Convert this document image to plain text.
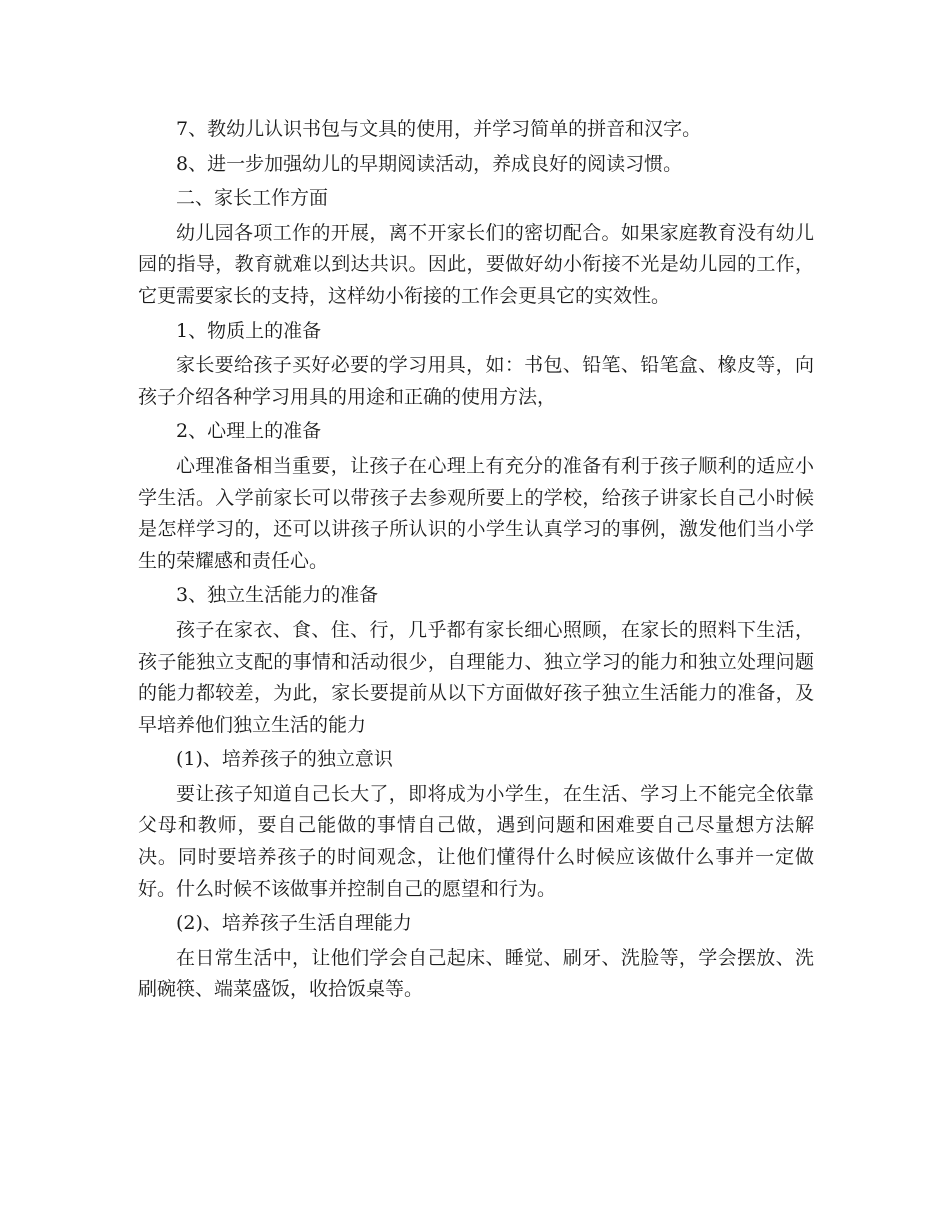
7、教幼儿认识书包与文具的使用，并学习简单的拼音和汉字。

8、进一步加强幼儿的早期阅读活动，养成良好的阅读习惯。

二、家长工作方面

幼儿园各项工作的开展，离不开家长们的密切配合。如果家庭教育没有幼儿园的指导，教育就难以到达共识。因此，要做好幼小衔接不光是幼儿园的工作，它更需要家长的支持，这样幼小衔接的工作会更具它的实效性。

1、物质上的准备

家长要给孩子买好必要的学习用具，如：书包、铅笔、铅笔盒、橡皮等，向孩子介绍各种学习用具的用途和正确的使用方法，

2、心理上的准备

心理准备相当重要，让孩子在心理上有充分的准备有利于孩子顺利的适应小学生活。入学前家长可以带孩子去参观所要上的学校，给孩子讲家长自己小时候是怎样学习的，还可以讲孩子所认识的小学生认真学习的事例，激发他们当小学生的荣耀感和责任心。

3、独立生活能力的准备

孩子在家衣、食、住、行，几乎都有家长细心照顾，在家长的照料下生活，孩子能独立支配的事情和活动很少，自理能力、独立学习的能力和独立处理问题的能力都较差，为此，家长要提前从以下方面做好孩子独立生活能力的准备，及早培养他们独立生活的能力

(1)、培养孩子的独立意识

要让孩子知道自己长大了，即将成为小学生，在生活、学习上不能完全依靠父母和教师，要自己能做的事情自己做，遇到问题和困难要自己尽量想方法解决。同时要培养孩子的时间观念，让他们懂得什么时候应该做什么事并一定做好。什么时候不该做事并控制自己的愿望和行为。

(2)、培养孩子生活自理能力

在日常生活中，让他们学会自己起床、睡觉、刷牙、洗脸等，学会摆放、洗刷碗筷、端菜盛饭，收拾饭桌等。
